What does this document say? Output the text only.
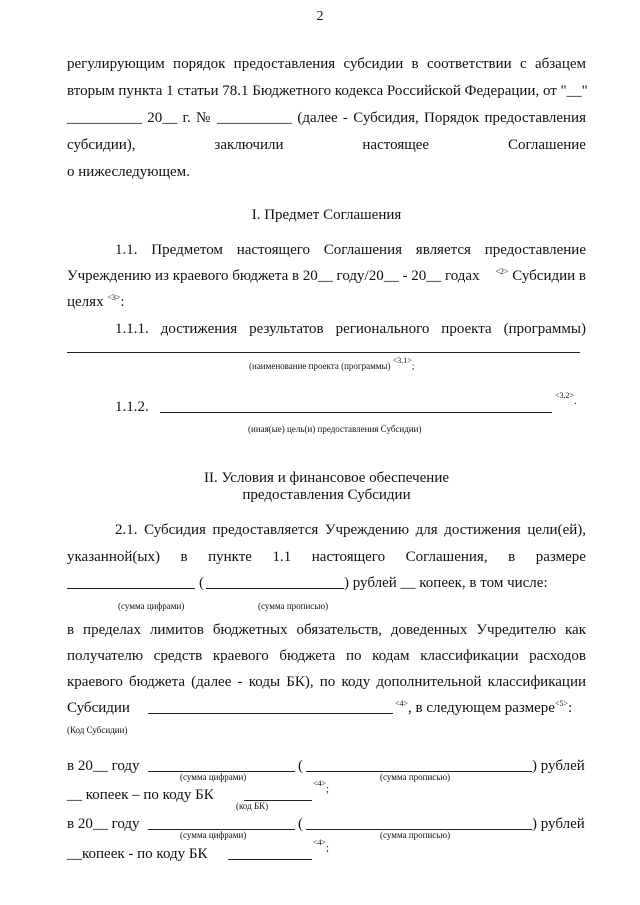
2
регулирующим порядок предоставления субсидии в соответствии с абзацем
вторым пункта 1 статьи 78.1 Бюджетного кодекса Российской Федерации, от "__"
__________ 20__ г. № __________ (далее - Субсидия, Порядок предоставления
субсидии),	заключили	настоящее	Соглашение
о нижеследующем.
I. Предмет Соглашения
1.1. Предметом настоящего Соглашения является предоставление
Учреждению из краевого бюджета в 20__ году/20__ - 20__ годах $^{<2>}$ Субсидии в
целях $^{<3>}$:
1.1.1. достижения результатов регионального проекта (программы)
(наименование проекта (программы) $^{<3.1>}$;
1.1.2.
$^{<3.2>}$.
(иная(ые) цель(и) предоставления Субсидии)
II. Условия и финансовое обеспечение
предоставления Субсидии
2.1. Субсидия предоставляется Учреждению для достижения цели(ей),
указанной(ых) в пункте 1.1 настоящего Соглашения, в размере
(	) рублей __ копеек, в том числе:
(сумма цифрами)	(сумма прописью)
в пределах лимитов бюджетных обязательств, доведенных Учредителю как
получателю средств краевого бюджета по кодам классификации расходов
краевого бюджета (далее - коды БК), по коду дополнительной классификации
Субсидии	$^{<4>}$, в следующем размере$^{<5>}$:
(Код Субсидии)
в 20__ году	(	) рублей
(сумма цифрами)	(сумма прописью)
__ копеек – по коду БК
$^{<4>}$;
(код БК)
в 20__ году	(	) рублей
(сумма цифрами)	(сумма прописью)
__копеек - по коду БК
$^{<4>}$;
